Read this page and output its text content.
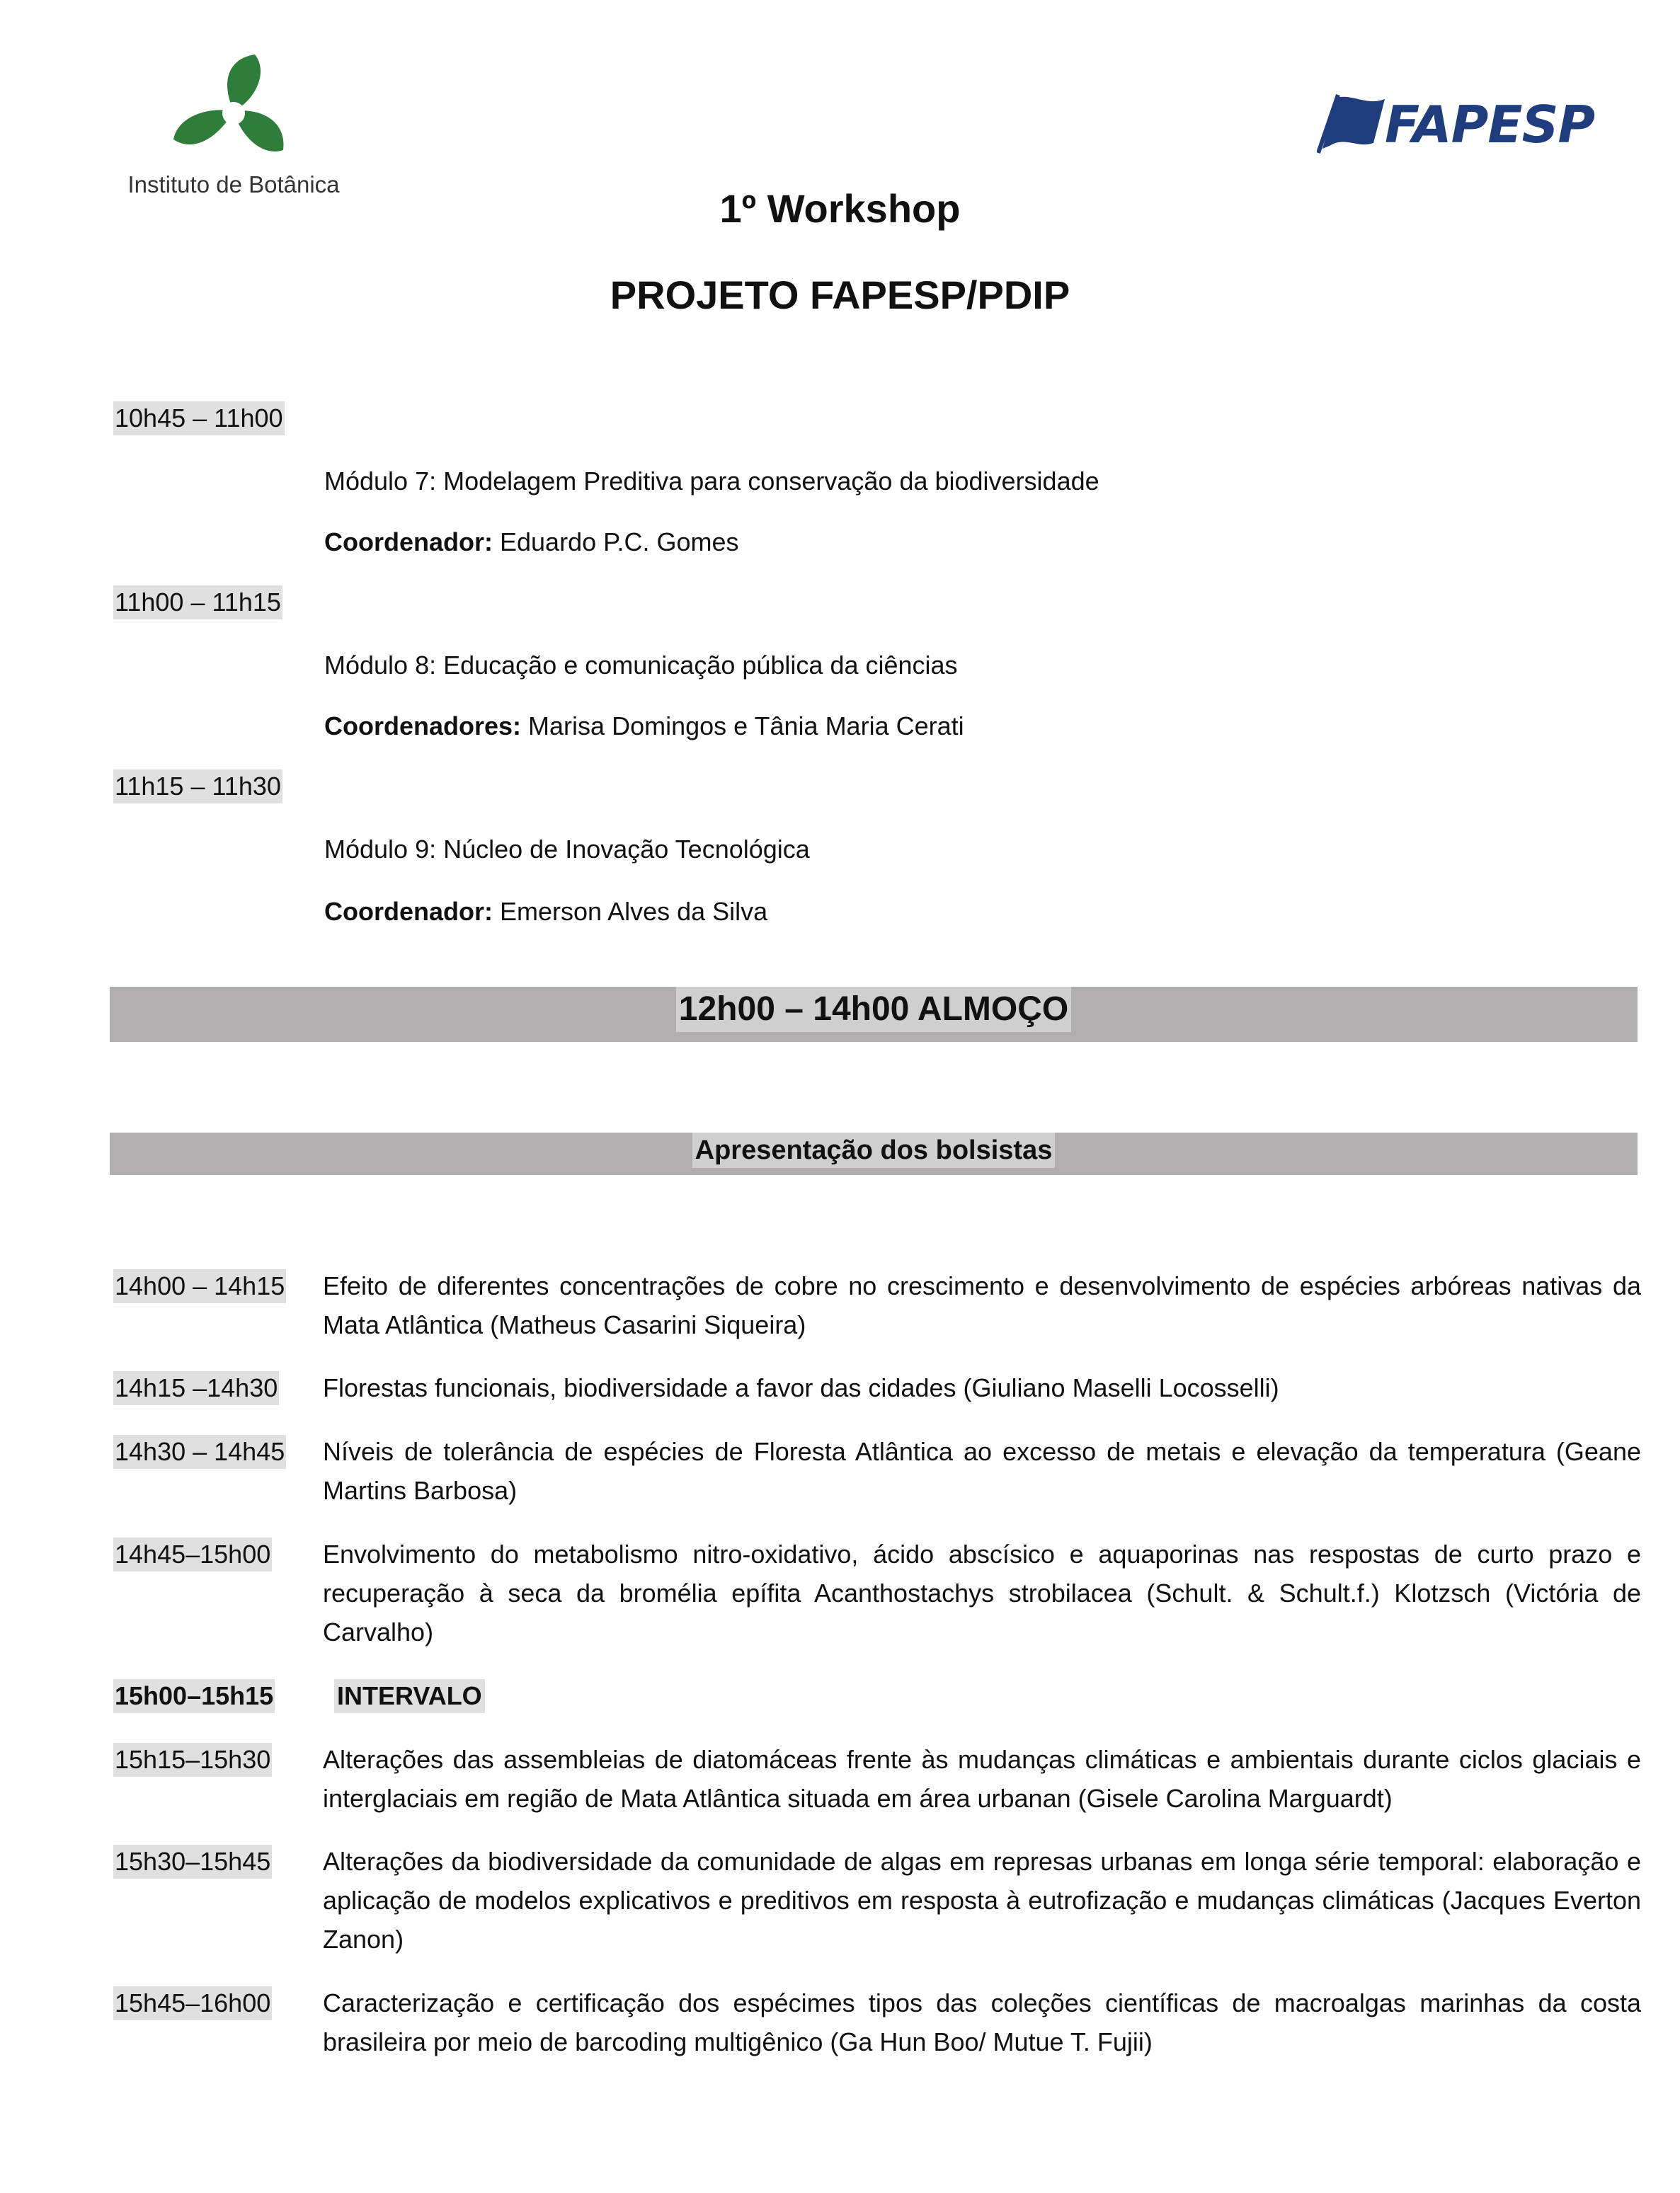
Instituto de Botânica
FAPESP
1º Workshop
PROJETO FAPESP/PDIP
10h45 – 11h00
Módulo 7: Modelagem Preditiva para conservação da biodiversidade
Coordenador: Eduardo P.C. Gomes
11h00 – 11h15
Módulo 8: Educação e comunicação pública da ciências
Coordenadores: Marisa Domingos e Tânia Maria Cerati
11h15 – 11h30
Módulo 9: Núcleo de Inovação Tecnológica
Coordenador: Emerson Alves da Silva
12h00 – 14h00 ALMOÇO
Apresentação dos bolsistas
14h00 – 14h15 Efeito de diferentes concentrações de cobre no crescimento e desenvolvimento de espécies arbóreas nativas da Mata Atlântica (Matheus Casarini Siqueira)
14h15 –14h30 Florestas funcionais, biodiversidade a favor das cidades (Giuliano Maselli Locosselli)
14h30 – 14h45 Níveis de tolerância de espécies de Floresta Atlântica ao excesso de metais e elevação da temperatura (Geane Martins Barbosa)
14h45–15h00 Envolvimento do metabolismo nitro-oxidativo, ácido abscísico e aquaporinas nas respostas de curto prazo e recuperação à seca da bromélia epífita Acanthostachys strobilacea (Schult. & Schult.f.) Klotzsch (Victória de Carvalho)
15h00–15h15 INTERVALO
15h15–15h30 Alterações das assembleias de diatomáceas frente às mudanças climáticas e ambientais durante ciclos glaciais e interglaciais em região de Mata Atlântica situada em área urbanan (Gisele Carolina Marguardt)
15h30–15h45 Alterações da biodiversidade da comunidade de algas em represas urbanas em longa série temporal: elaboração e aplicação de modelos explicativos e preditivos em resposta à eutrofização e mudanças climáticas (Jacques Everton Zanon)
15h45–16h00 Caracterização e certificação dos espécimes tipos das coleções científicas de macroalgas marinhas da costa brasileira por meio de barcoding multigênico (Ga Hun Boo/ Mutue T. Fujii)
